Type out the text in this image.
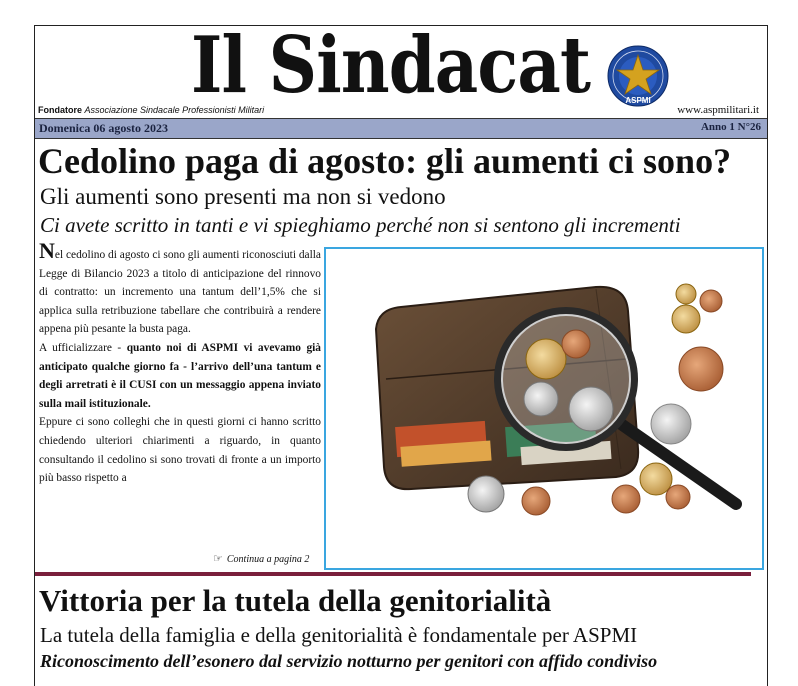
Il Sindacat	ASPMI
Fondatore Associazione Sindacale Professionisti Militari	www.aspmilitari.it
Domenica 06 agosto 2023	Anno 1 N°26
Cedolino paga di agosto: gli aumenti ci sono?
Gli aumenti sono presenti ma non si vedono
Ci avete scritto in tanti e vi spieghiamo perché non si sentono gli incrementi

Nel cedolino di agosto ci sono gli aumenti riconosciuti dalla Legge di Bilancio 2023 a titolo di anticipazione del rinnovo di contratto: un incremento una tantum dell’1,5% che si applica sulla retribuzione tabellare che contribuirà a rendere appena più pesante la busta paga.

A ufficializzare - quanto noi di ASPMI vi avevamo già anticipato qualche giorno fa - l’arrivo dell’una tantum e degli arretrati è il CUSI con un messaggio appena inviato sulla mail istituzionale.

Eppure ci sono colleghi che in questi giorni ci hanno scritto chiedendo ulteriori chiarimenti a riguardo, in quanto consultando il cedolino si sono trovati di fronte a un importo più basso rispetto a

☞ Continua a pagina 2
Vittoria per la tutela della genitorialità
La tutela della famiglia e della genitorialità è fondamentale per ASPMI
Riconoscimento dell’esonero dal servizio notturno per genitori con affido condiviso
